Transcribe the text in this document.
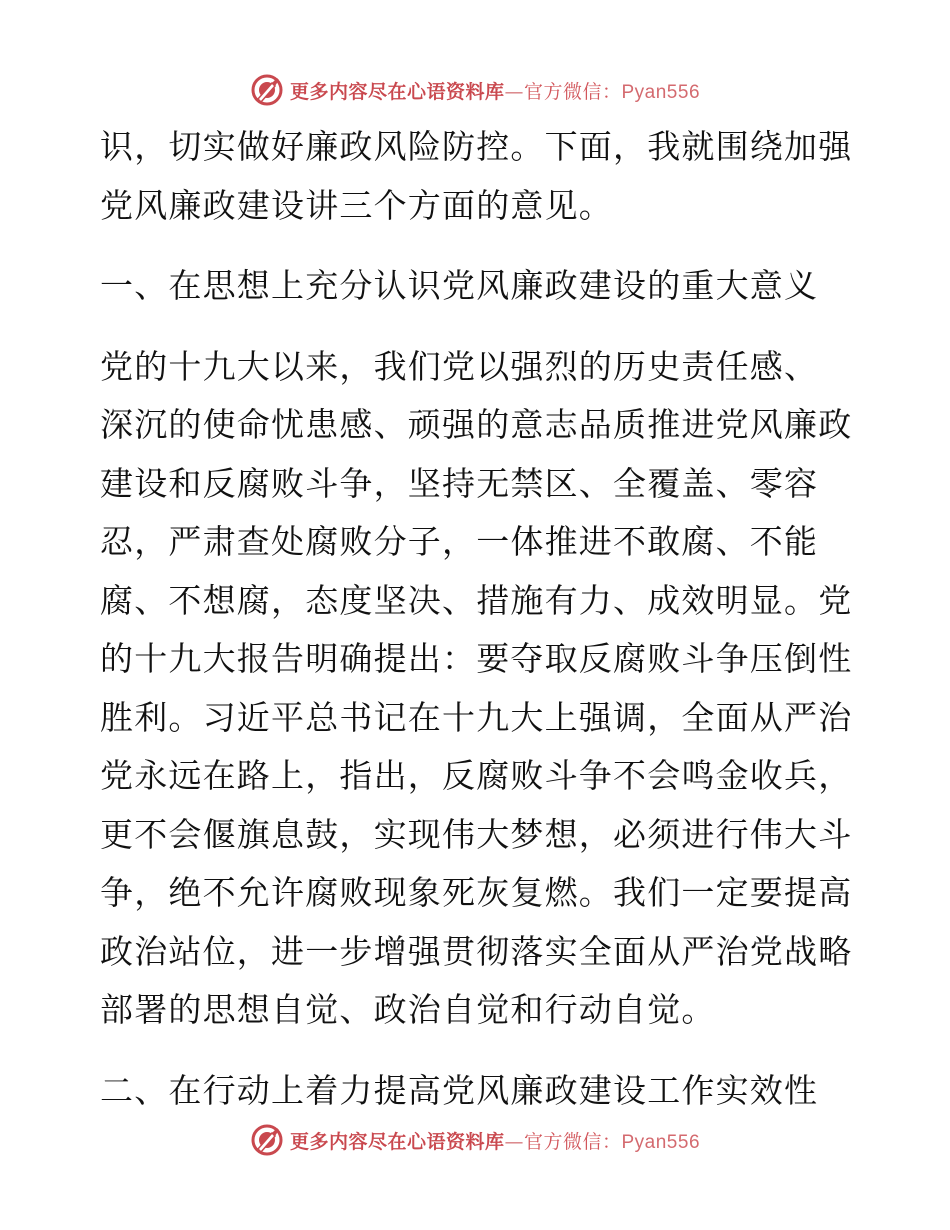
更多内容尽在心语资料库—官方微信：Pyan556
识，切实做好廉政风险防控。下面，我就围绕加强
党风廉政建设讲三个方面的意见。
一、在思想上充分认识党风廉政建设的重大意义
党的十九大以来，我们党以强烈的历史责任感、
深沉的使命忧患感、顽强的意志品质推进党风廉政
建设和反腐败斗争，坚持无禁区、全覆盖、零容
忍，严肃查处腐败分子，一体推进不敢腐、不能
腐、不想腐，态度坚决、措施有力、成效明显。党
的十九大报告明确提出：要夺取反腐败斗争压倒性
胜利。习近平总书记在十九大上强调，全面从严治
党永远在路上，指出，反腐败斗争不会鸣金收兵，
更不会偃旗息鼓，实现伟大梦想，必须进行伟大斗
争，绝不允许腐败现象死灰复燃。我们一定要提高
政治站位，进一步增强贯彻落实全面从严治党战略
部署的思想自觉、政治自觉和行动自觉。
二、在行动上着力提高党风廉政建设工作实效性
更多内容尽在心语资料库—官方微信：Pyan556
